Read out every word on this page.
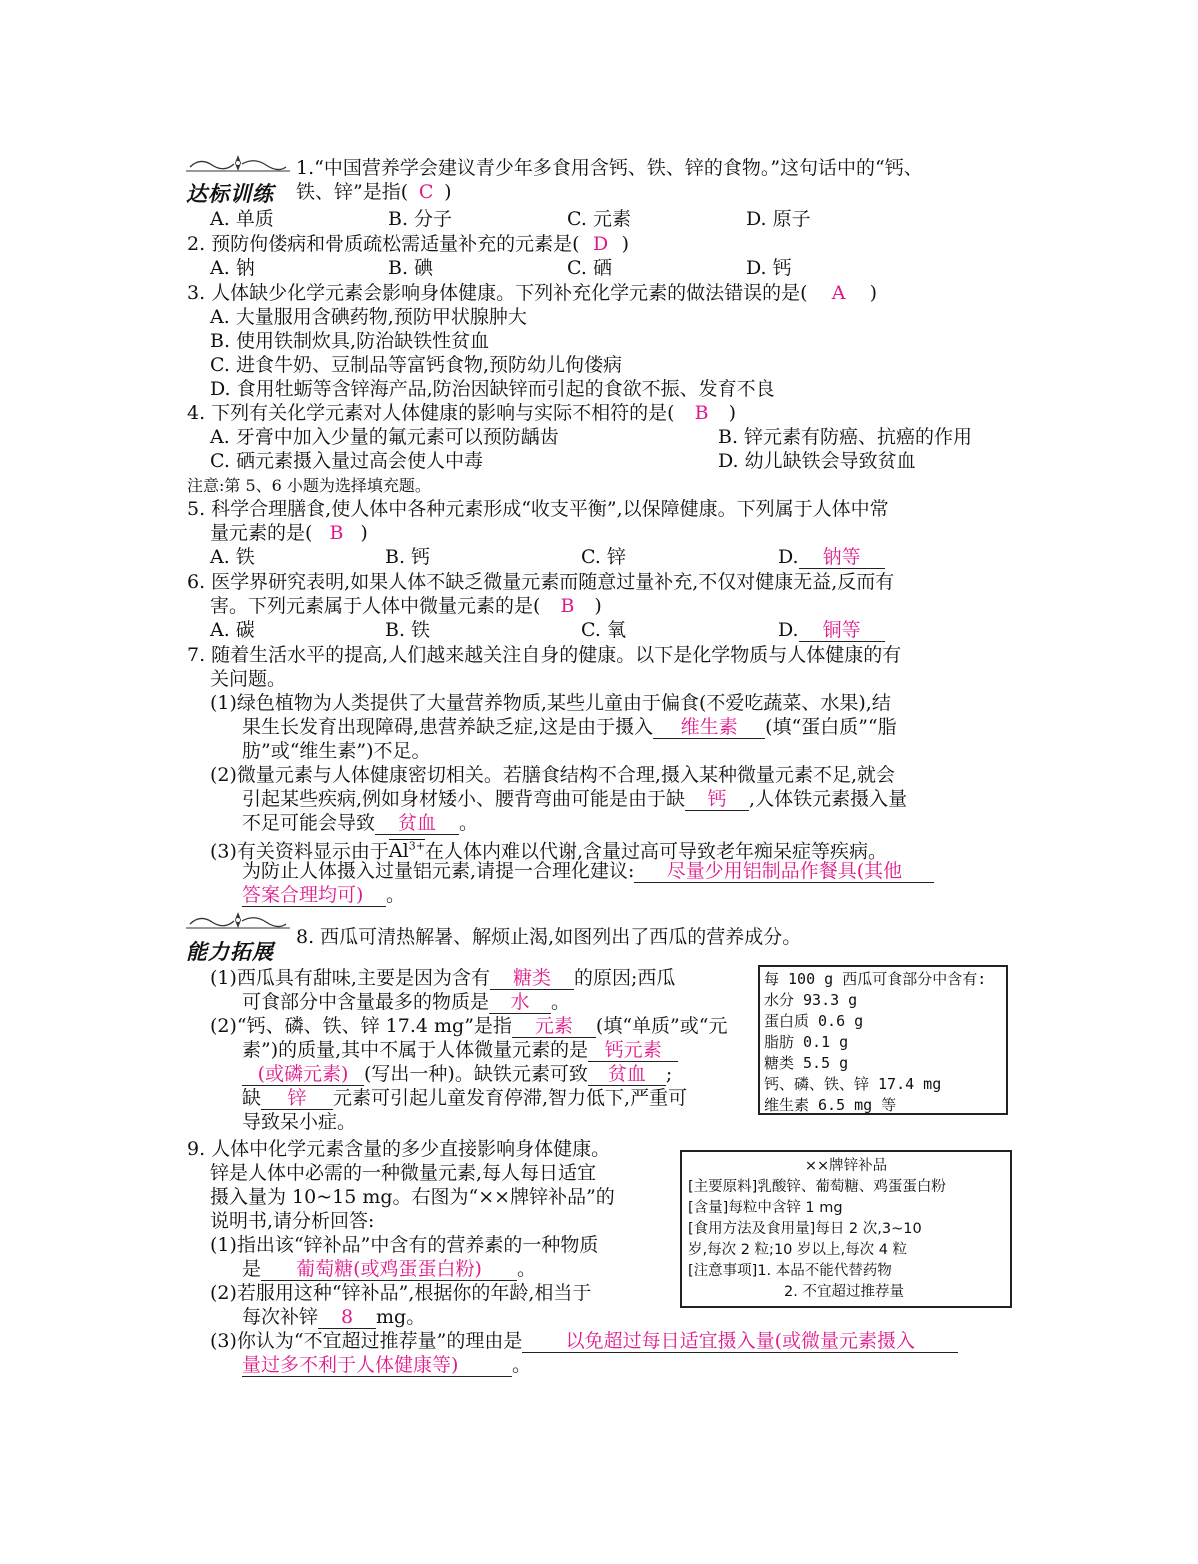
达标训练
1.“中国营养学会建议青少年多食用含钙、铁、锌的食物。”这句话中的“钙、
铁、锌”是指( C )
A. 单质	B. 分子	C. 元素	D. 原子
2. 预防佝偻病和骨质疏松需适量补充的元素是( D )
A. 钠	B. 碘	C. 硒	D. 钙
3. 人体缺少化学元素会影响身体健康。下列补充化学元素的做法错误的是( A )
A. 大量服用含碘药物,预防甲状腺肿大
B. 使用铁制炊具,防治缺铁性贫血
C. 进食牛奶、豆制品等富钙食物,预防幼儿佝偻病
D. 食用牡蛎等含锌海产品,防治因缺锌而引起的食欲不振、发育不良
4. 下列有关化学元素对人体健康的影响与实际不相符的是( B )
A. 牙膏中加入少量的氟元素可以预防龋齿	B. 锌元素有防癌、抗癌的作用
C. 硒元素摄入量过高会使人中毒	D. 幼儿缺铁会导致贫血
注意:第 5、6 小题为选择填充题。
5. 科学合理膳食,使人体中各种元素形成“收支平衡”,以保障健康。下列属于人体中常
量元素的是( B )
A. 铁	B. 钙	C. 锌	D. 钠等
6. 医学界研究表明,如果人体不缺乏微量元素而随意过量补充,不仅对健康无益,反而有
害。下列元素属于人体中微量元素的是( B )
A. 碳	B. 铁	C. 氧	D. 铜等
7. 随着生活水平的提高,人们越来越关注自身的健康。以下是化学物质与人体健康的有
关问题。
(1)绿色植物为人类提供了大量营养物质,某些儿童由于偏食(不爱吃蔬菜、水果),结
果生长发育出现障碍,患营养缺乏症,这是由于摄入 维生素 (填“蛋白质”“脂
肪”或“维生素”)不足。
(2)微量元素与人体健康密切相关。若膳食结构不合理,摄入某种微量元素不足,就会
引起某些疾病,例如身材矮小、腰背弯曲可能是由于缺 钙 ,人体铁元素摄入量
不足可能会导致 贫血 。
(3)有关资料显示由于$Al^{3+}$在人体内难以代谢,含量过高可导致老年痴呆症等疾病。
为防止人体摄入过量铝元素,请提一合理化建议: 尽量少用铝制品作餐具(其他
答案合理均可) 。
能力拓展
8. 西瓜可清热解暑、解烦止渴,如图列出了西瓜的营养成分。
(1)西瓜具有甜味,主要是因为含有 糖类 的原因;西瓜
可食部分中含量最多的物质是 水 。
(2)“钙、磷、铁、锌 17.4 mg”是指 元素 (填“单质”或“元
素”)的质量,其中不属于人体微量元素的是 钙元素
(或磷元素) (写出一种)。缺铁元素可致 贫血 ;
缺 锌 元素可引起儿童发育停滞,智力低下,严重可
导致呆小症。
每 100 g 西瓜可食部分中含有:
水分 93.3 g
蛋白质 0.6 g
脂肪 0.1 g
糖类 5.5 g
钙、磷、铁、锌 17.4 mg
维生素 6.5 mg 等
9. 人体中化学元素含量的多少直接影响身体健康。
锌是人体中必需的一种微量元素,每人每日适宜
摄入量为 10~15 mg。右图为“××牌锌补品”的
说明书,请分析回答:
(1)指出该“锌补品”中含有的营养素的一种物质
是 葡萄糖(或鸡蛋蛋白粉) 。
(2)若服用这种“锌补品”,根据你的年龄,相当于
每次补锌 8 mg。
(3)你认为“不宜超过推荐量”的理由是 以免超过每日适宜摄入量(或微量元素摄入
量过多不利于人体健康等)	。
××牌锌补品
[主要原料]乳酸锌、葡萄糖、鸡蛋蛋白粉
[含量]每粒中含锌 1 mg
[食用方法及食用量]每日 2 次,3~10
岁,每次 2 粒;10 岁以上,每次 4 粒
[注意事项]1. 本品不能代替药物
2. 不宜超过推荐量
